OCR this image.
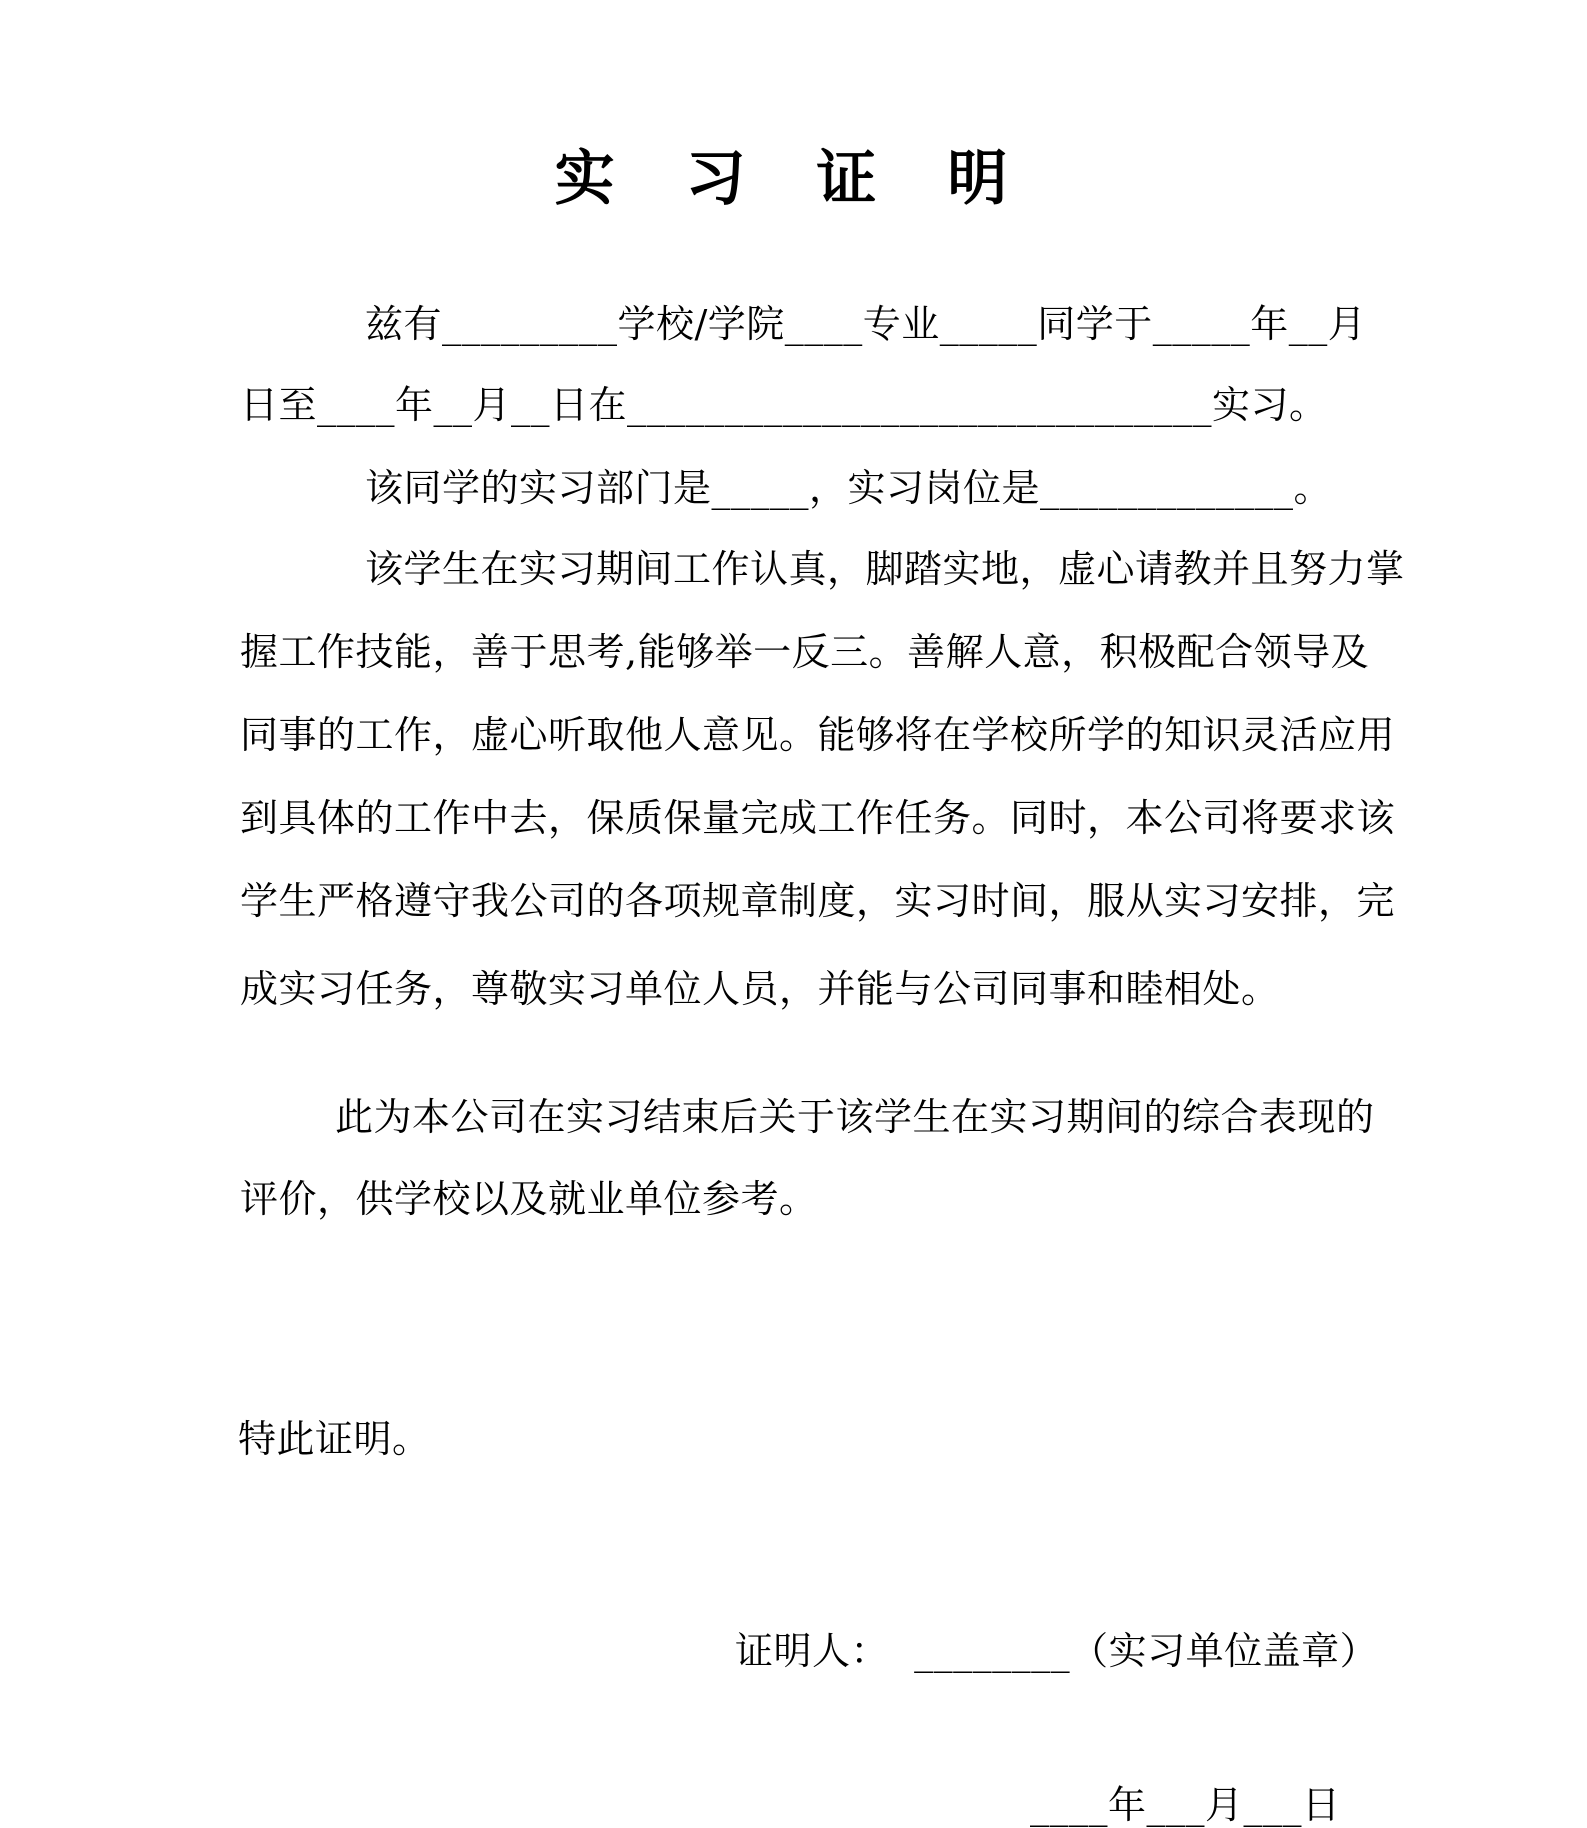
实 习 证 明
兹有_________学校/学院____专业_____同学于_____年__月
日至____年__月__日在______________________________实习。
该同学的实习部门是_____，实习岗位是_____________。
该学生在实习期间工作认真，脚踏实地，虚心请教并且努力掌
握工作技能，善于思考,能够举一反三。善解人意，积极配合领导及
同事的工作，虚心听取他人意见。能够将在学校所学的知识灵活应用
到具体的工作中去，保质保量完成工作任务。同时，本公司将要求该
学生严格遵守我公司的各项规章制度，实习时间，服从实习安排，完
成实习任务，尊敬实习单位人员，并能与公司同事和睦相处。
此为本公司在实习结束后关于该学生在实习期间的综合表现的
评价，供学校以及就业单位参考。
特此证明。
证明人：  ________（实习单位盖章）
____年___月___日
